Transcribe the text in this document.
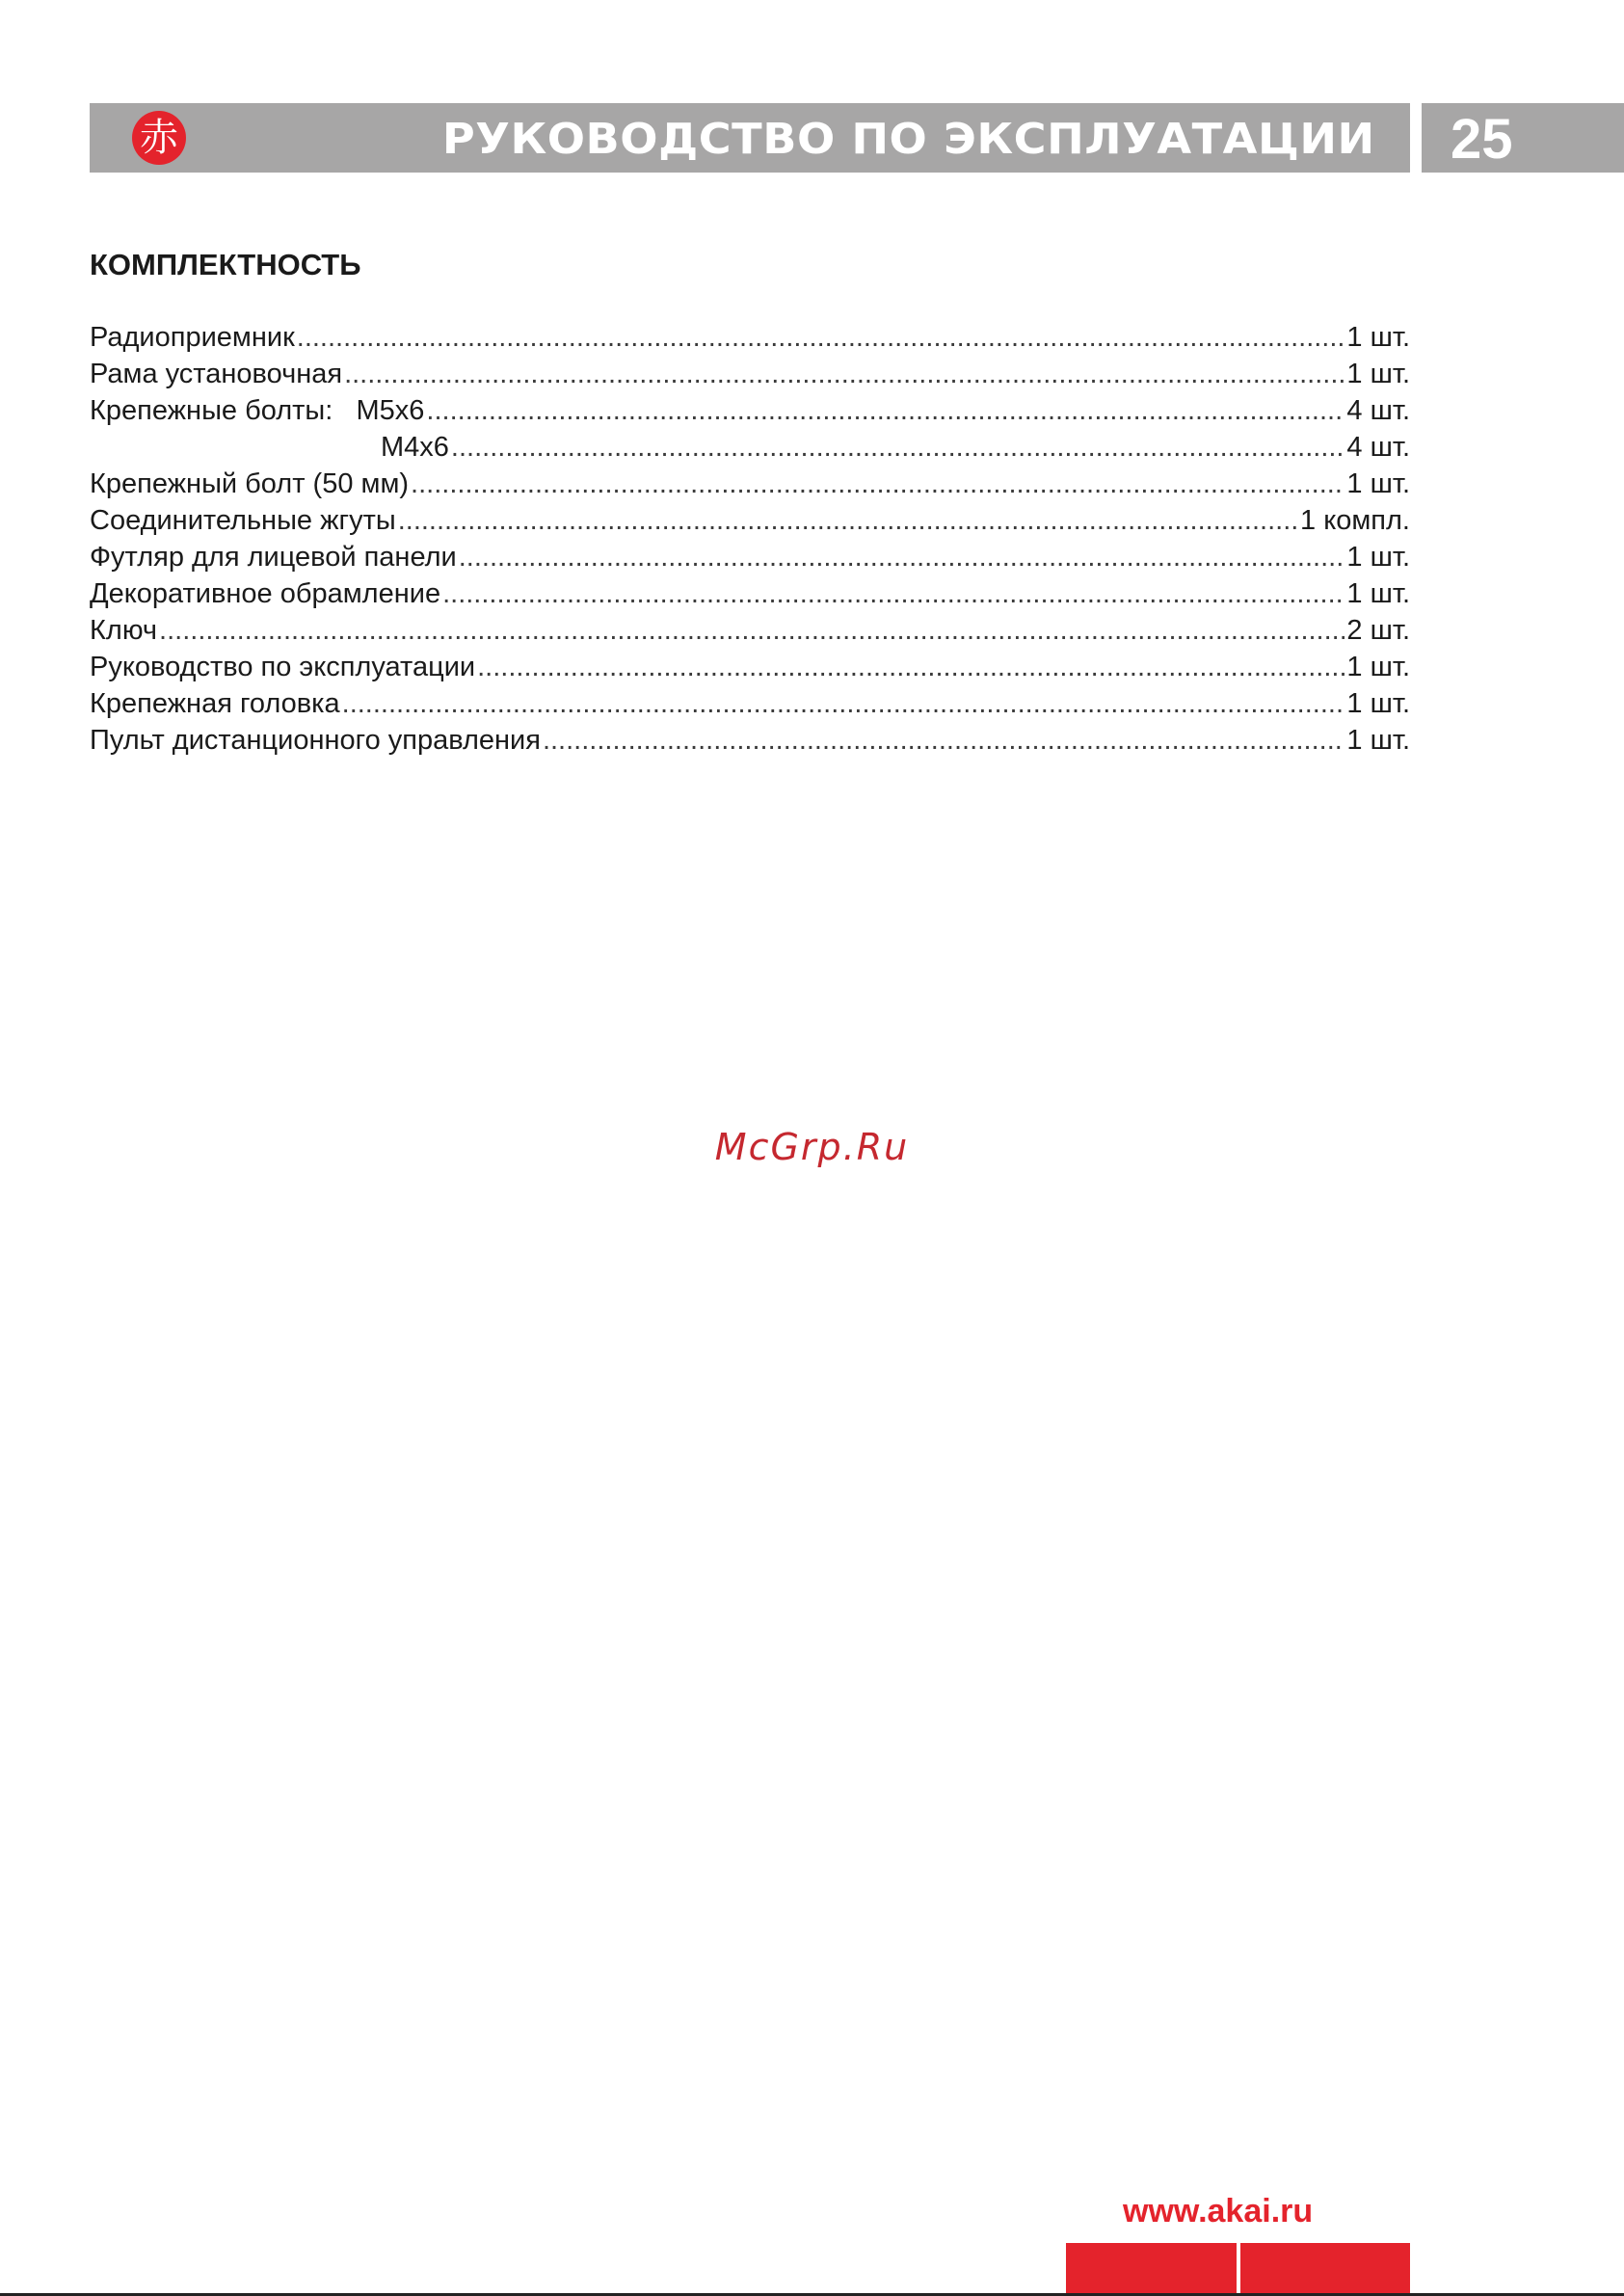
赤	РУКОВОДСТВО ПО ЭКСПЛУАТАЦИИ 25
КОМПЛЕКТНОСТЬ
Радиоприемник .....	1 шт.
Рама установочная .....	1 шт.
Крепежные болты:   M5x6 .....	4 шт.
M4x6 .....	4 шт.
Крепежный болт (50 мм) .....	1 шт.
Соединительные жгуты .....	1 компл.
Футляр для лицевой панели .....	1 шт.
Декоративное обрамление .....	1 шт.
Ключ .....	2 шт.
Руководство по эксплуатации .....	1 шт.
Крепежная головка .....	1 шт.
Пульт дистанционного управления .....	1 шт.
McGrp.Ru
www.akai.ru
